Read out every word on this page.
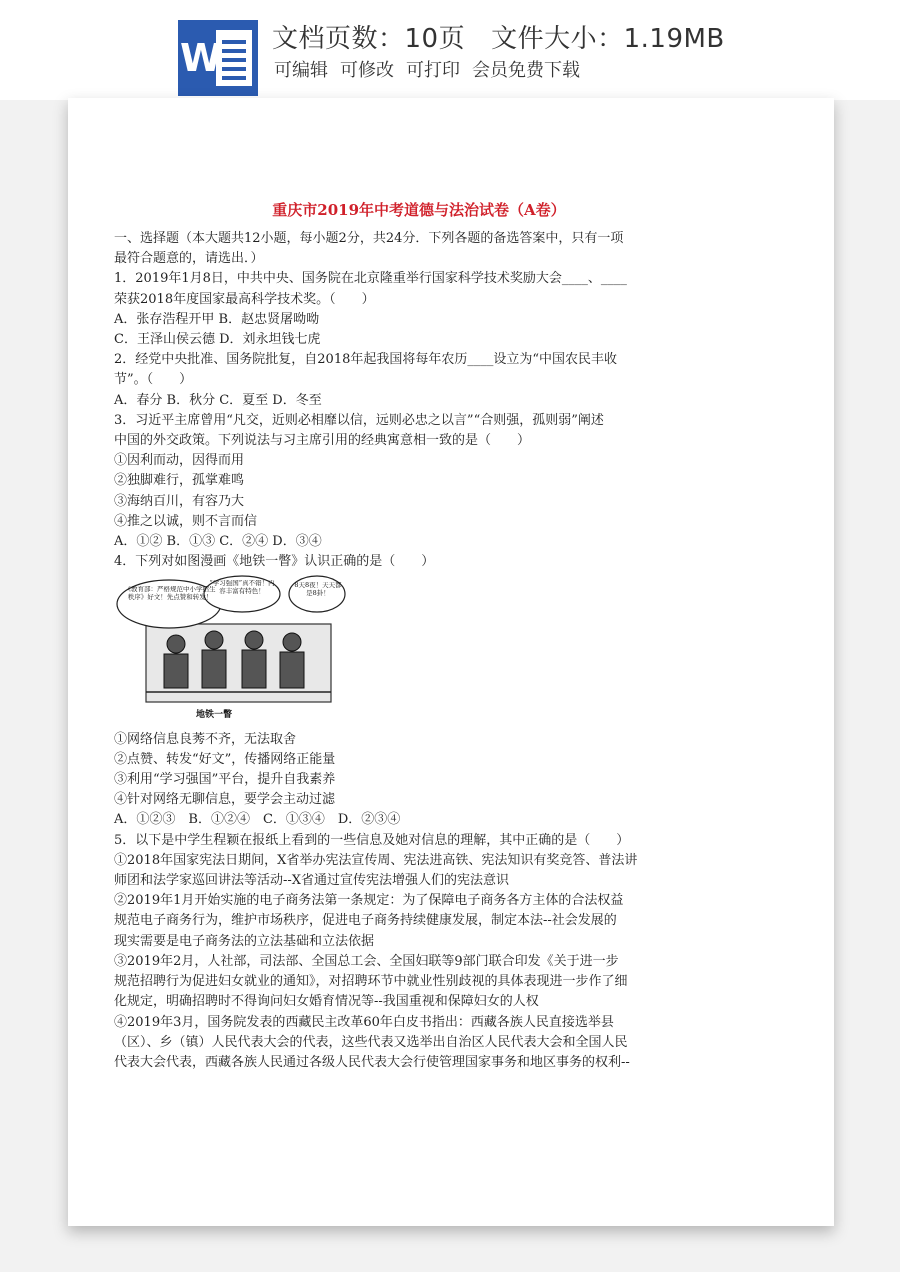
W 文档页数：10页 文件大小：1.19MB
可编辑 可修改 可打印 会员免费下载
重庆市2019年中考道德与法治试卷（A卷）

一、选择题（本大题共12小题，每小题2分，共24分．下列各题的备选答案中，只有一项

最符合题意的，请选出．）

1．2019年1月8日，中共中央、国务院在北京隆重举行国家科学技术奖励大会____、____

荣获2018年度国家最高科学技术奖。（　　）

A．张存浩程开甲 B．赵忠贤屠呦呦

C．王泽山侯云德 D．刘永坦钱七虎

2．经党中央批准、国务院批复，自2018年起我国将每年农历____设立为“中国农民丰收

节”。（　　）

A．春分 B．秋分 C．夏至 D．冬至

3．习近平主席曾用“凡交，近则必相靡以信，远则必忠之以言”“合则强，孤则弱”阐述

中国的外交政策。下列说法与习主席引用的经典寓意相一致的是（　　）

①因利而动，因得而用

②独脚难行，孤掌难鸣

③海纳百川，有容乃大

④推之以诚，则不言而信

A．①② B．①③ C．②④ D．③④

4．下列对如图漫画《地铁一瞥》认识正确的是（　　）

《教育部：严格规范中小学招生秩序》好文！先点赞和转发！
“学习强国”真不错！内容丰富有特色！
8天8夜！天天都是8卦！
地铁一瞥

①网络信息良莠不齐，无法取舍

②点赞、转发“好文”，传播网络正能量

③利用“学习强国”平台，提升自我素养

④针对网络无聊信息，要学会主动过滤

A．①②③　B．①②④　C．①③④　D．②③④

5．以下是中学生程颖在报纸上看到的一些信息及她对信息的理解，其中正确的是（　　）

①2018年国家宪法日期间，X省举办宪法宣传周、宪法进高铁、宪法知识有奖竞答、普法讲

师团和法学家巡回讲法等活动--X省通过宣传宪法增强人们的宪法意识

②2019年1月开始实施的电子商务法第一条规定：为了保障电子商务各方主体的合法权益

规范电子商务行为，维护市场秩序，促进电子商务持续健康发展，制定本法--社会发展的

现实需要是电子商务法的立法基础和立法依据

③2019年2月，人社部，司法部、全国总工会、全国妇联等9部门联合印发《关于进一步

规范招聘行为促进妇女就业的通知》，对招聘环节中就业性别歧视的具体表现进一步作了细

化规定，明确招聘时不得询问妇女婚育情况等--我国重视和保障妇女的人权

④2019年3月，国务院发表的西藏民主改革60年白皮书指出：西藏各族人民直接选举县

（区）、乡（镇）人民代表大会的代表，这些代表又选举出自治区人民代表大会和全国人民

代表大会代表，西藏各族人民通过各级人民代表大会行使管理国家事务和地区事务的权利--
